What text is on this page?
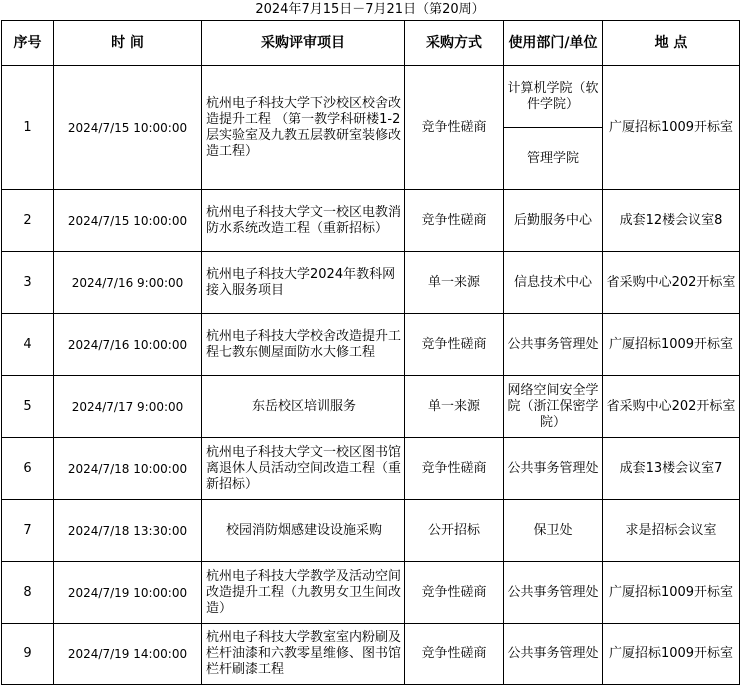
2024年7月15日－7月21日（第20周）
序号	时 间	采购评审项目	采购方式	使用部门/单位	地 点
1	2024/7/15 10:00:00	杭州电子科技大学下沙校区校舍改造提升工程 （第一教学科研楼1-2层实验室及九教五层教研室装修改造工程）	竞争性磋商	计算机学院（软件学院）	广厦招标1009开标室
				管理学院	
2	2024/7/15 10:00:00	杭州电子科技大学文一校区电教消防水系统改造工程（重新招标）	竞争性磋商	后勤服务中心	成套12楼会议室8
3	2024/7/16 9:00:00	杭州电子科技大学2024年教科网接入服务项目	单一来源	信息技术中心	省采购中心202开标室
4	2024/7/16 10:00:00	杭州电子科技大学校舍改造提升工程七教东侧屋面防水大修工程	竞争性磋商	公共事务管理处	广厦招标1009开标室
5	2024/7/17 9:00:00	东岳校区培训服务	单一来源	网络空间安全学院（浙江保密学院）	省采购中心202开标室
6	2024/7/18 10:00:00	杭州电子科技大学文一校区图书馆离退休人员活动空间改造工程（重新招标）	竞争性磋商	公共事务管理处	成套13楼会议室7
7	2024/7/18 13:30:00	校园消防烟感建设设施采购	公开招标	保卫处	求是招标会议室
8	2024/7/19 10:00:00	杭州电子科技大学教学及活动空间改造提升工程（九教男女卫生间改造）	竞争性磋商	公共事务管理处	广厦招标1009开标室
9	2024/7/19 14:00:00	杭州电子科技大学教室室内粉刷及栏杆油漆和六教零星维修、图书馆栏杆刷漆工程	竞争性磋商	公共事务管理处	广厦招标1009开标室
